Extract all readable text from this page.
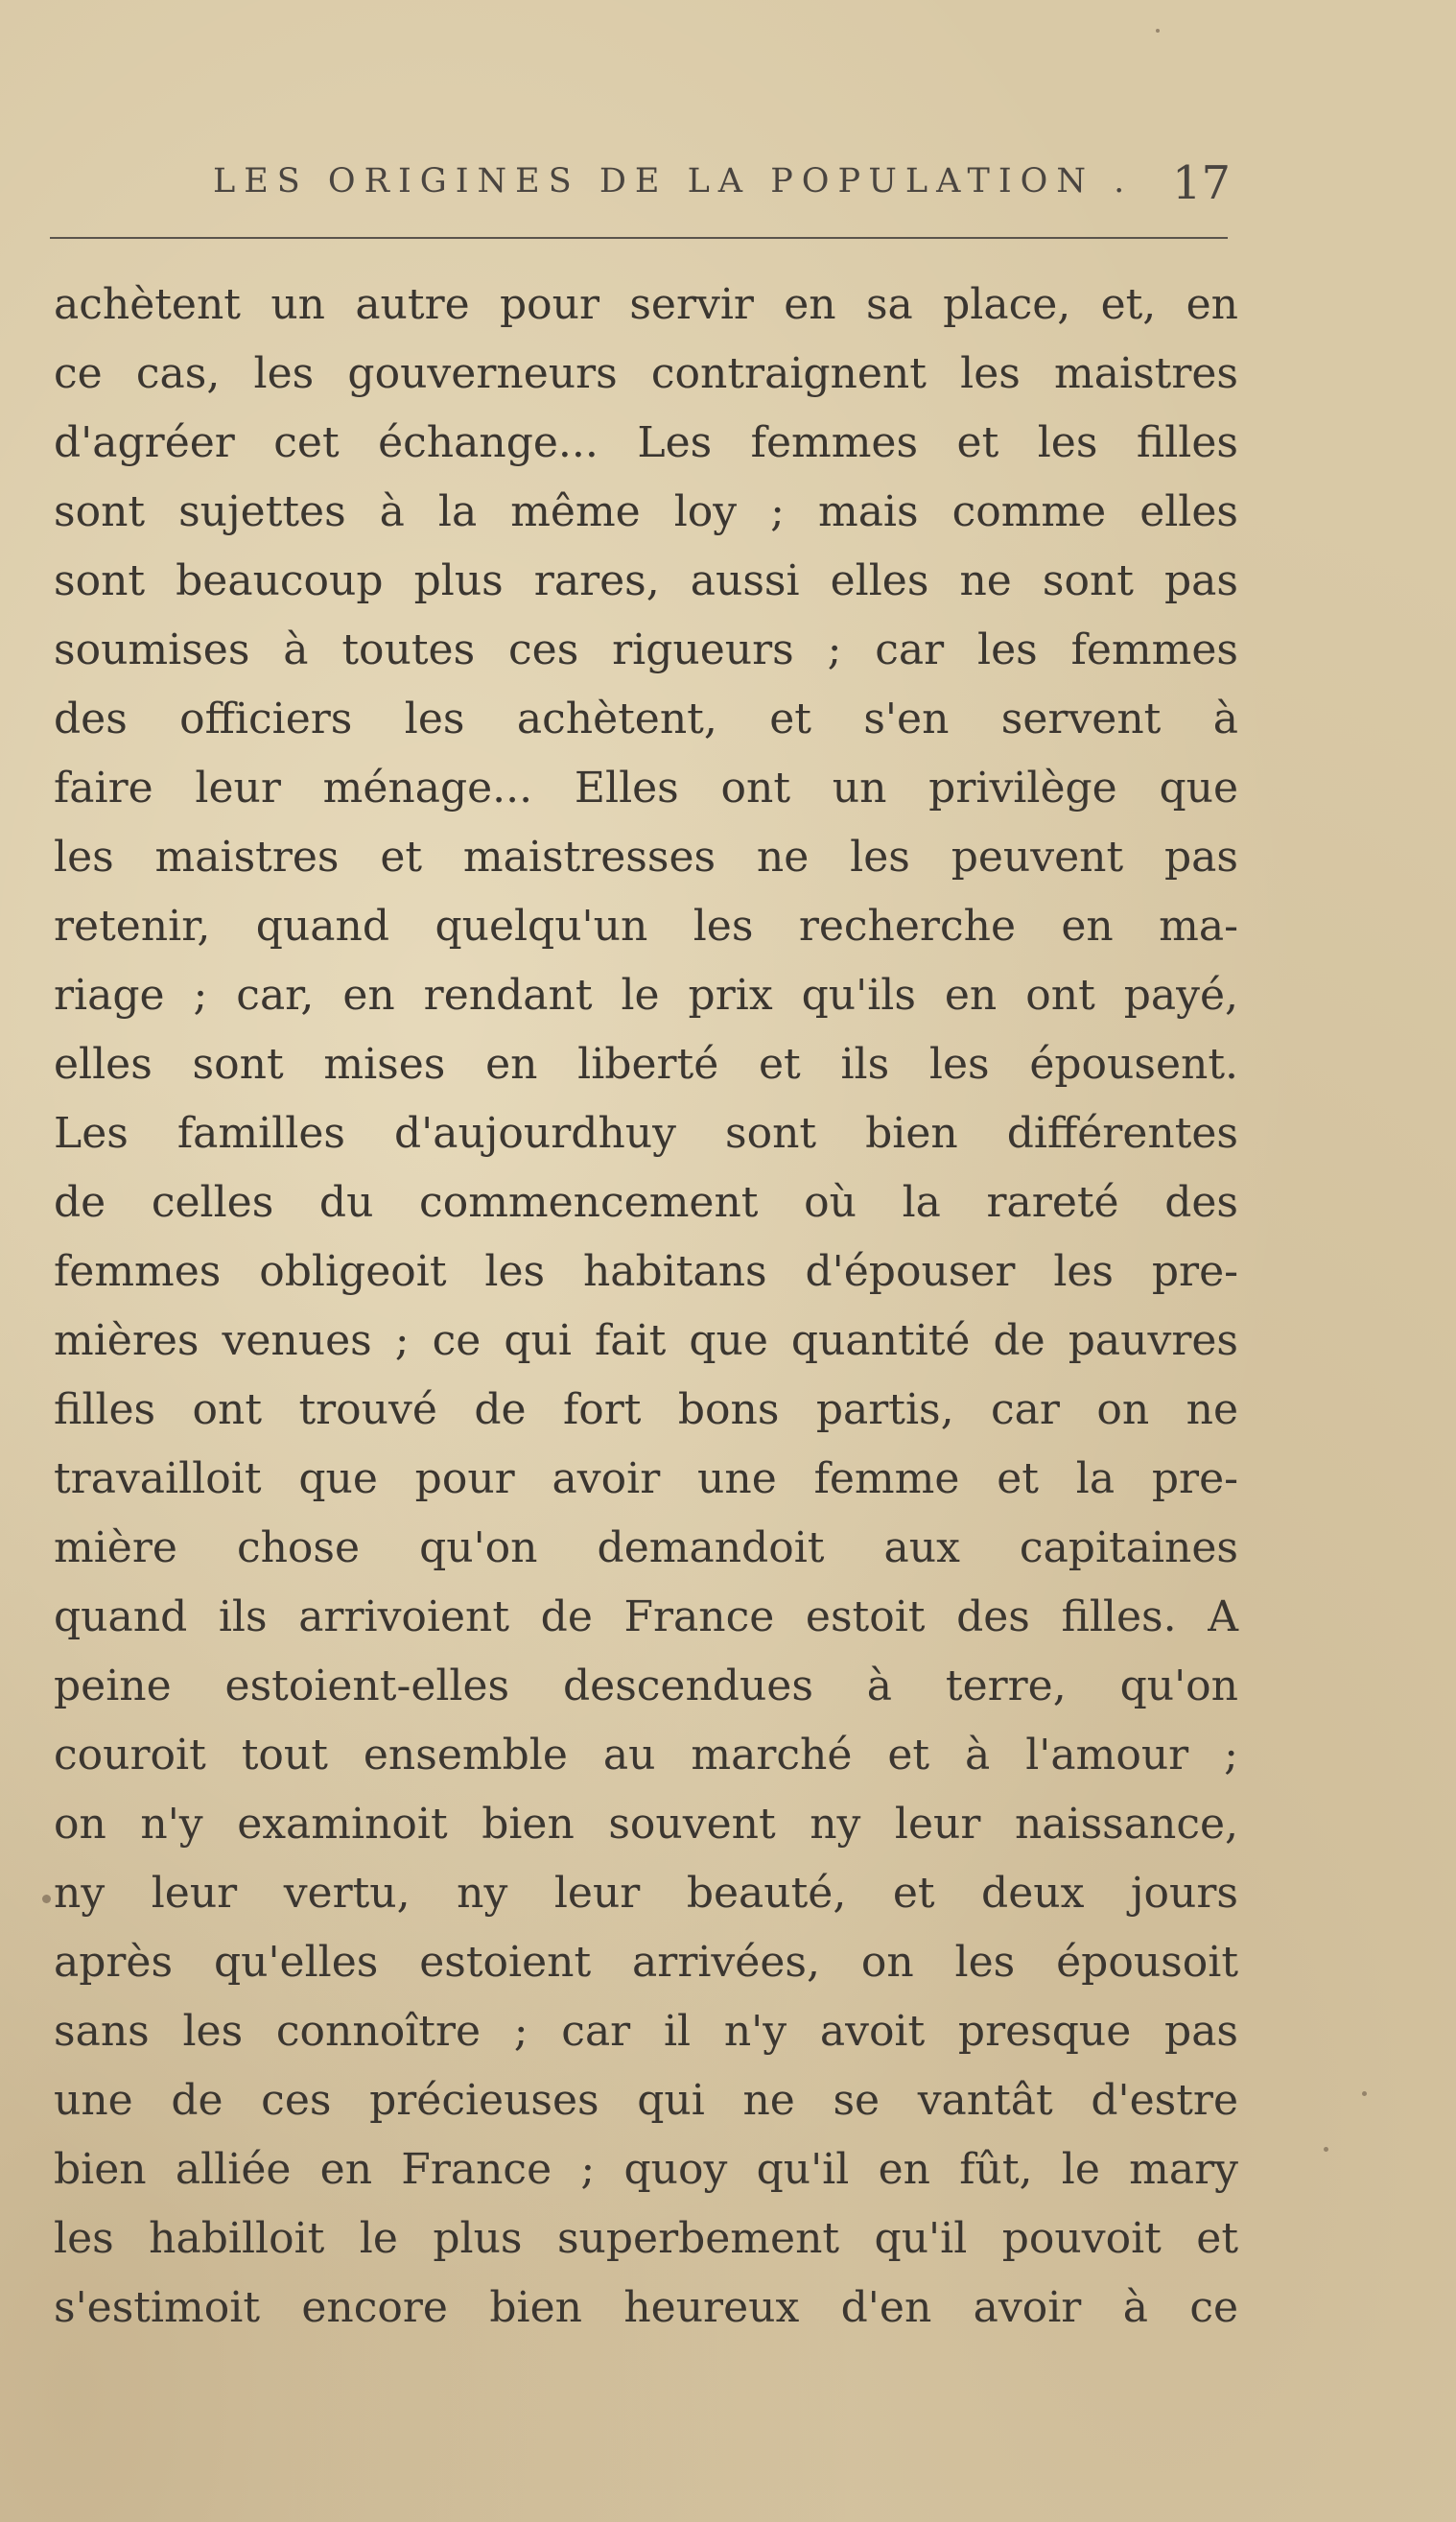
LES ORIGINES DE LA POPULATION . 17
achètent un autre pour servir en sa place, et, en
ce cas, les gouverneurs contraignent les maistres
d'agréer cet échange... Les femmes et les filles
sont sujettes à la même loy ; mais comme elles
sont beaucoup plus rares, aussi elles ne sont pas
soumises à toutes ces rigueurs ; car les femmes
des officiers les achètent, et s'en servent à
faire leur ménage... Elles ont un privilège que
les maistres et maistresses ne les peuvent pas
retenir, quand quelqu'un les recherche en ma-
riage ; car, en rendant le prix qu'ils en ont payé,
elles sont mises en liberté et ils les épousent.
Les familles d'aujourdhuy sont bien différentes
de celles du commencement où la rareté des
femmes obligeoit les habitans d'épouser les pre-
mières venues ; ce qui fait que quantité de pauvres
filles ont trouvé de fort bons partis, car on ne
travailloit que pour avoir une femme et la pre-
mière chose qu'on demandoit aux capitaines
quand ils arrivoient de France estoit des filles. A
peine estoient-elles descendues à terre, qu'on
couroit tout ensemble au marché et à l'amour ;
on n'y examinoit bien souvent ny leur naissance,
ny leur vertu, ny leur beauté, et deux jours
après qu'elles estoient arrivées, on les épousoit
sans les connoître ; car il n'y avoit presque pas
une de ces précieuses qui ne se vantât d'estre
bien alliée en France ; quoy qu'il en fût, le mary
les habilloit le plus superbement qu'il pouvoit et
s'estimoit encore bien heureux d'en avoir à ce
